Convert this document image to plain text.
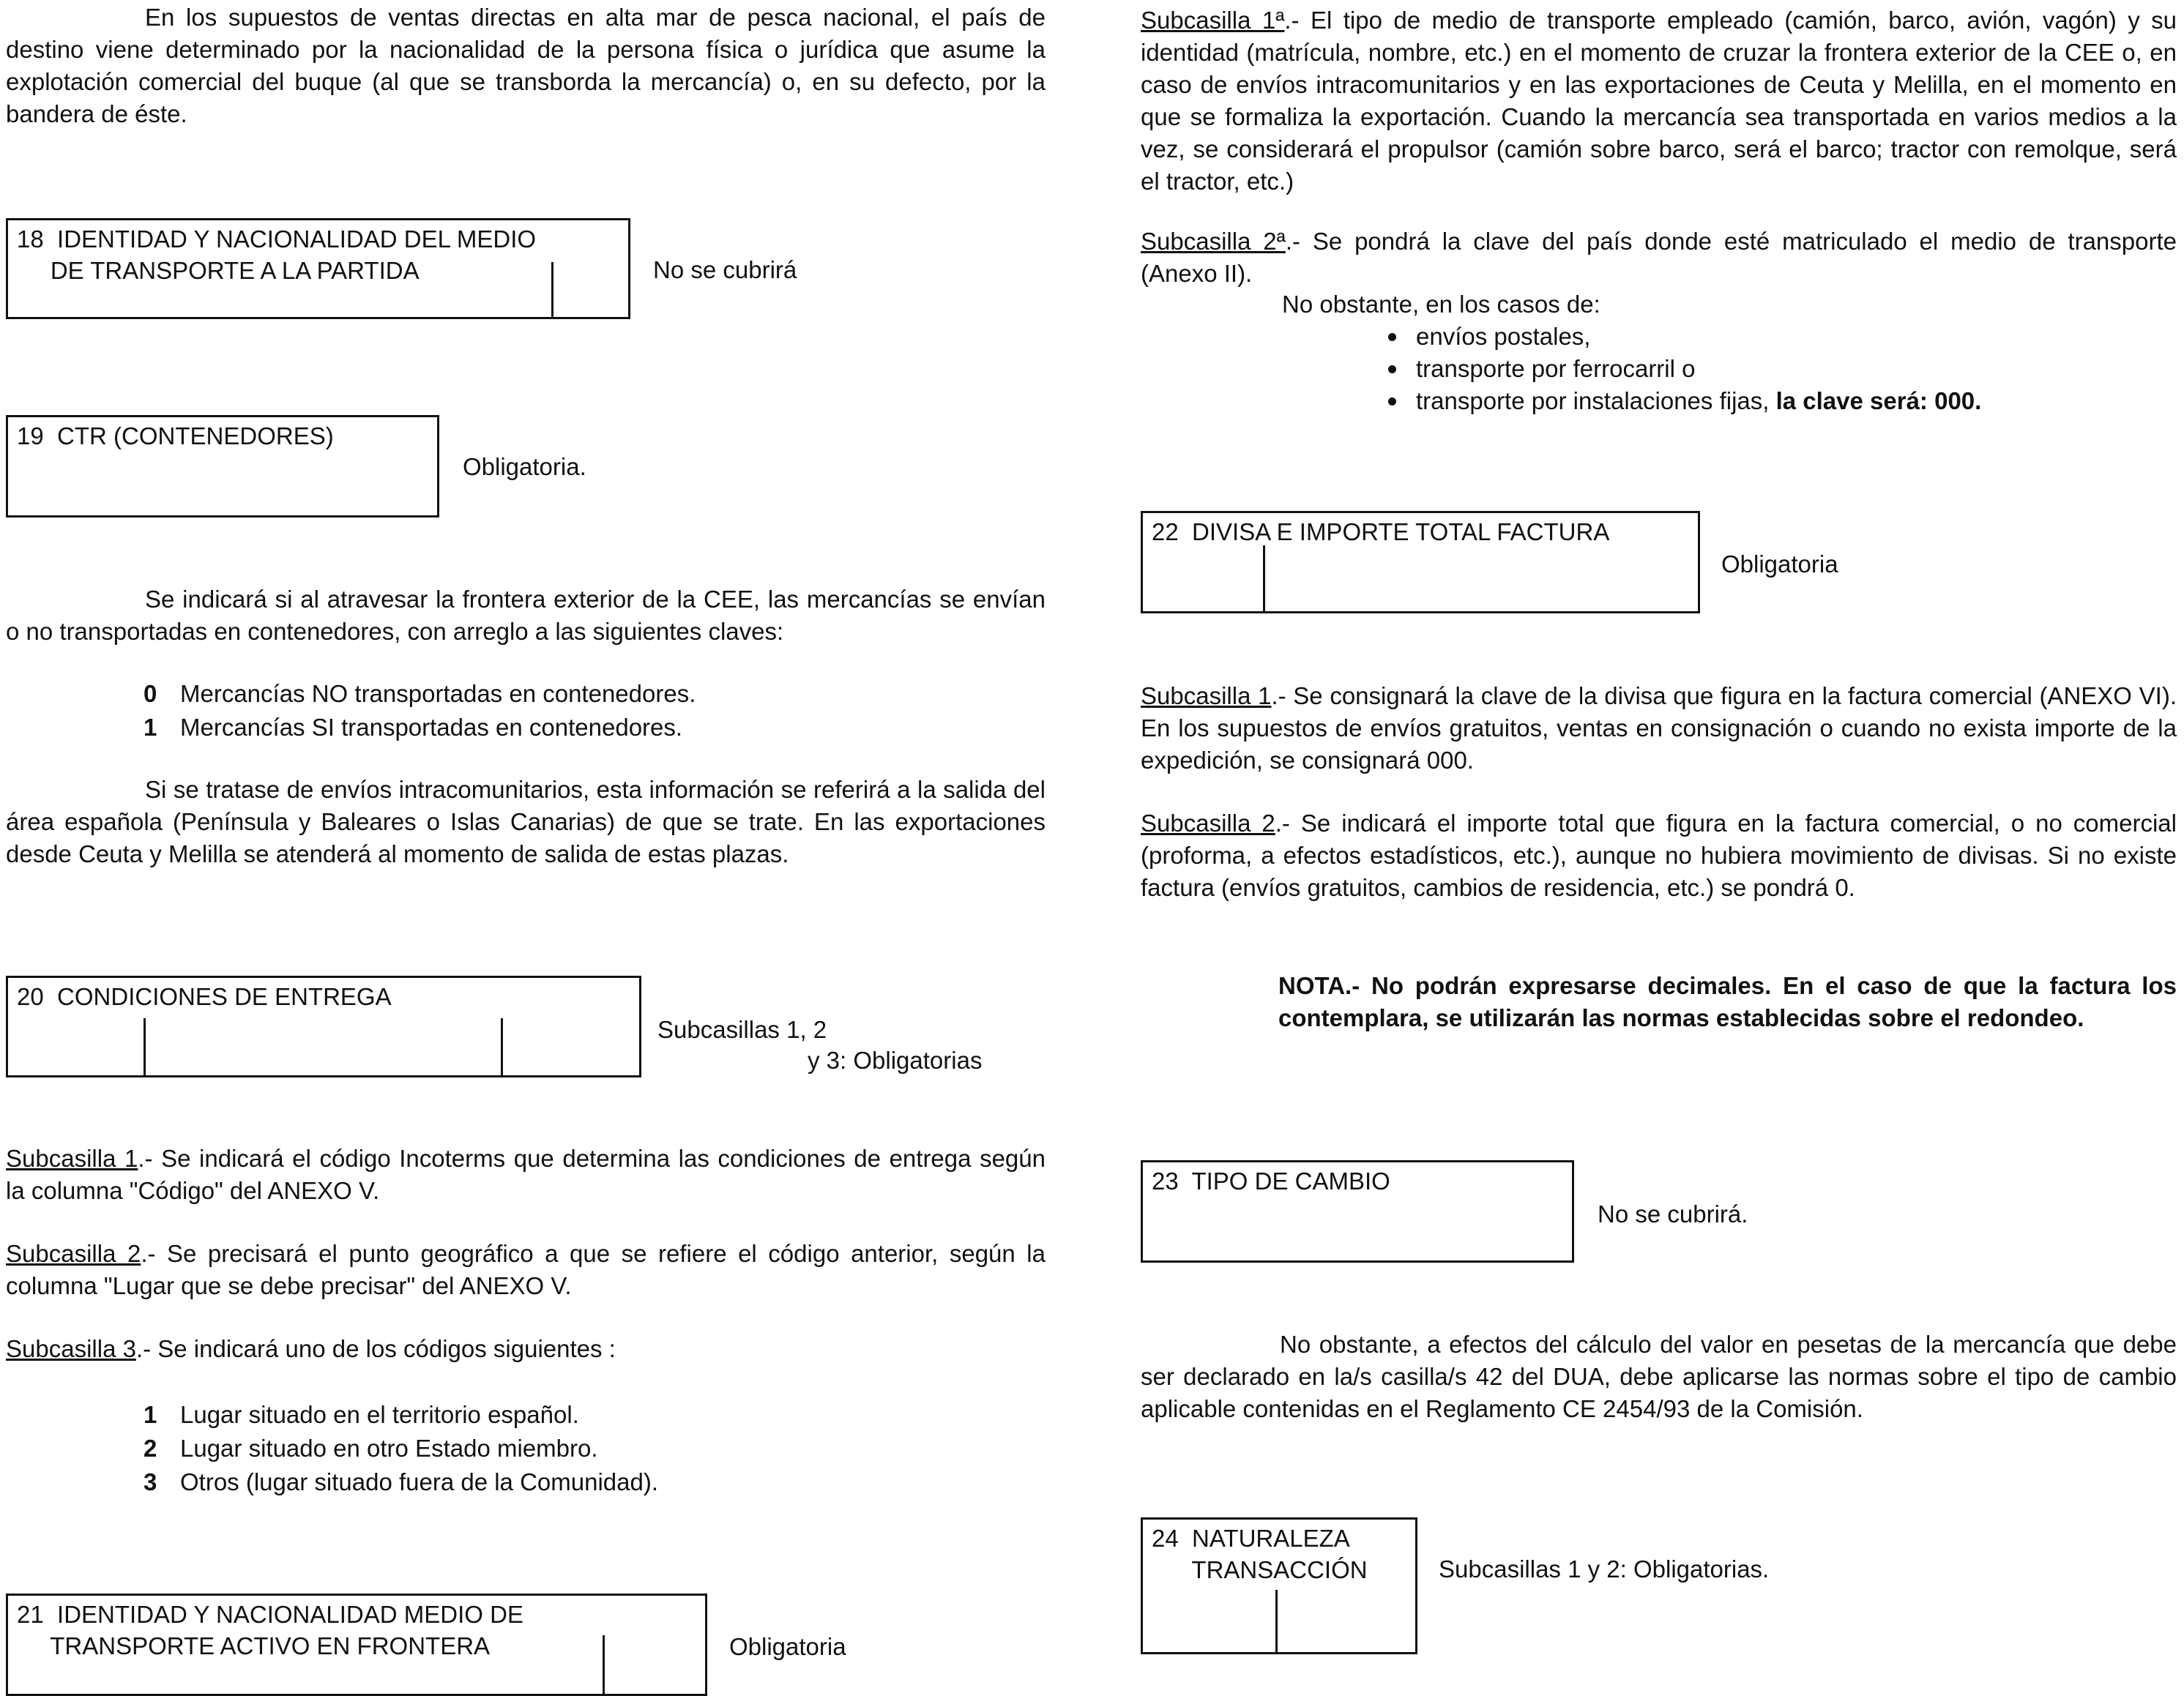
En los supuestos de ventas directas en alta mar de pesca nacional, el país de destino viene determinado por la nacionalidad de la persona física o jurídica que asume la explotación comercial del buque (al que se transborda la mercancía) o, en su defecto, por la bandera de éste.

18  IDENTIDAD Y NACIONALIDAD DEL MEDIO
DE TRANSPORTE A LA PARTIDA	No se cubrirá
19  CTR (CONTENEDORES)
Obligatoria.

Se indicará si al atravesar la frontera exterior de la CEE, las mercancías se envían o no transportadas en contenedores, con arreglo a las siguientes claves:

0 Mercancías NO transportadas en contenedores.
1 Mercancías SI transportadas en contenedores.

Si se tratase de envíos intracomunitarios, esta información se referirá a la salida del área española (Península y Baleares o Islas Canarias) de que se trate. En las exportaciones desde Ceuta y Melilla se atenderá al momento de salida de estas plazas.

20  CONDICIONES DE ENTREGA
Subcasillas 1, 2
y 3: Obligatorias

Subcasilla 1.- Se indicará el código Incoterms que determina las condiciones de entrega según la columna "Código" del ANEXO V.

Subcasilla 2.- Se precisará el punto geográfico a que se refiere el código anterior, según la columna "Lugar que se debe precisar" del ANEXO V.

Subcasilla 3.- Se indicará uno de los códigos siguientes :

1 Lugar situado en el territorio español.
2 Lugar situado en otro Estado miembro.
3 Otros (lugar situado fuera de la Comunidad).
21  IDENTIDAD Y NACIONALIDAD MEDIO DE
TRANSPORTE ACTIVO EN FRONTERA	Obligatoria

Subcasilla 1ª.- El tipo de medio de transporte empleado (camión, barco, avión, vagón) y su identidad (matrícula, nombre, etc.) en el momento de cruzar la frontera exterior de la CEE o, en caso de envíos intracomunitarios y en las exportaciones de Ceuta y Melilla, en el momento en que se formaliza la exportación. Cuando la mercancía sea transportada en varios medios a la vez, se considerará el propulsor (camión sobre barco, será el barco; tractor con remolque, será el tractor, etc.)

Subcasilla 2ª.- Se pondrá la clave del país donde esté matriculado el medio de transporte (Anexo II).

No obstante, en los casos de:

envíos postales,
transporte por ferrocarril o
transporte por instalaciones fijas, la clave será: 000.
22  DIVISA E IMPORTE TOTAL FACTURA
Obligatoria

Subcasilla 1.- Se consignará la clave de la divisa que figura en la factura comercial (ANEXO VI). En los supuestos de envíos gratuitos, ventas en consignación o cuando no exista importe de la expedición, se consignará 000.

Subcasilla 2.- Se indicará el importe total que figura en la factura comercial, o no comercial (proforma, a efectos estadísticos, etc.), aunque no hubiera movimiento de divisas. Si no existe factura (envíos gratuitos, cambios de residencia, etc.) se pondrá 0.

NOTA.- No podrán expresarse decimales. En el caso de que la factura los contemplara, se utilizarán las normas establecidas sobre el redondeo.

23  TIPO DE CAMBIO
No se cubrirá.

No obstante, a efectos del cálculo del valor en pesetas de la mercancía que debe ser declarado en la/s casilla/s 42 del DUA, debe aplicarse las normas sobre el tipo de cambio aplicable contenidas en el Reglamento CE 2454/93 de la Comisión.

24  NATURALEZA
TRANSACCIÓN	Subcasillas 1 y 2: Obligatorias.
